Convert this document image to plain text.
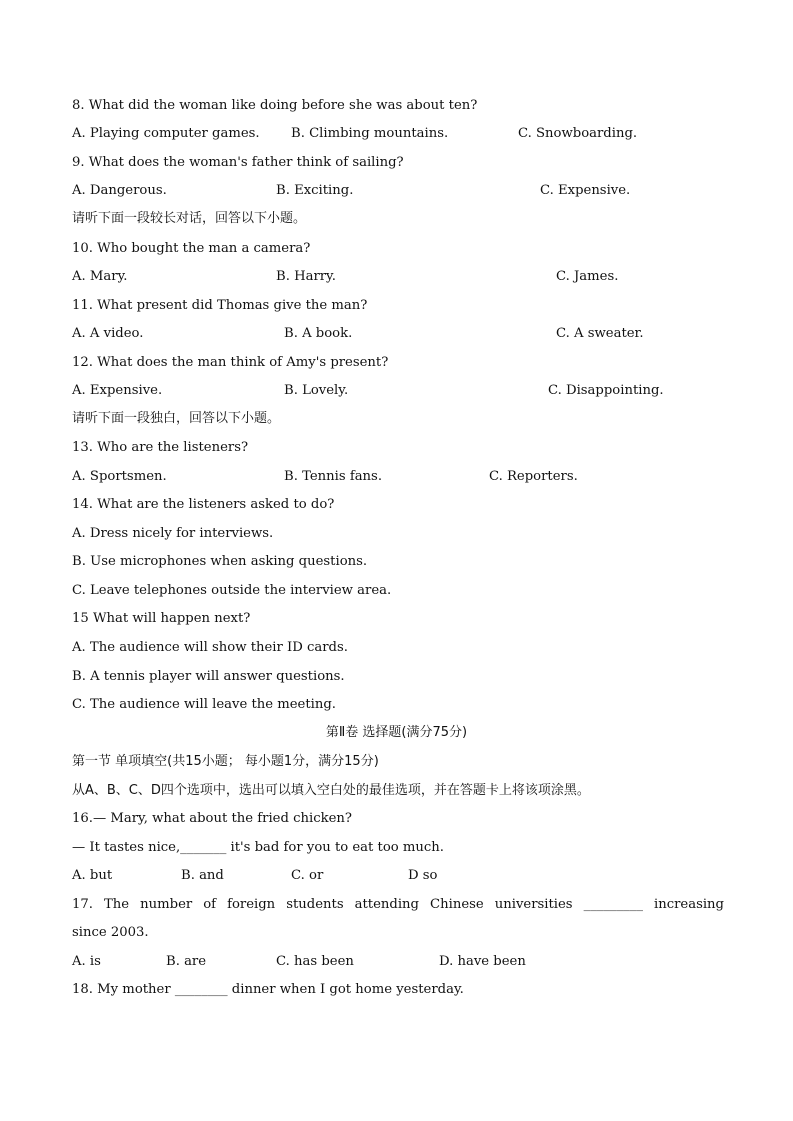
8. What did the woman like doing before she was about ten?
A. Playing computer games. B. Climbing mountains.	C. Snowboarding.
9. What does the woman's father think of sailing?
A. Dangerous.	B. Exciting.	C. Expensive.
请听下面一段较长对话，回答以下小题。
10. Who bought the man a camera?
A. Mary.	B. Harry.	C. James.
11. What present did Thomas give the man?
A. A video.	B. A book.	C. A sweater.
12. What does the man think of Amy's present?
A. Expensive.	B. Lovely.	C. Disappointing.
请听下面一段独白，回答以下小题。
13. Who are the listeners?
A. Sportsmen.	B. Tennis fans.	C. Reporters.
14. What are the listeners asked to do?
A. Dress nicely for interviews.
B. Use microphones when asking questions.
C. Leave telephones outside the interview area.
15 What will happen next?
A. The audience will show their ID cards.
B. A tennis player will answer questions.
C. The audience will leave the meeting.
第Ⅱ卷 选择题(满分75分)
第一节 单项填空(共15小题； 每小题1分，满分15分)
从A、B、C、D四个选项中，选出可以填入空白处的最佳选项，并在答题卡上将该项涂黑。
16.— Mary, what about the fried chicken?
— It tastes nice,_______ it's bad for you to eat too much.
A. but	B. and	C. or	D so
17. The number of foreign students attending Chinese universities _________ increasing
since 2003.
A. is	B. are	C. has been	D. have been
18. My mother ________ dinner when I got home yesterday.
